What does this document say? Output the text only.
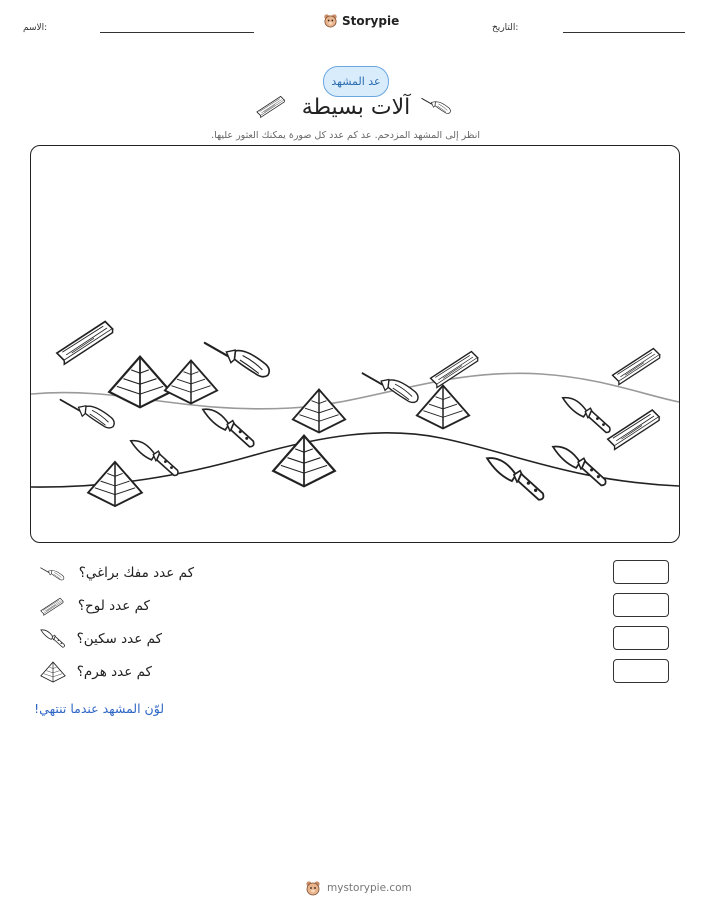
الاسم:
Storypie
التاريخ:
عد المشهد
آلات بسيطة
انظر إلى المشهد المزدحم. عد كم عدد كل صورة يمكنك العثور عليها.
كم عدد مفك براغي؟
كم عدد لوح؟
كم عدد سكين؟
كم عدد هرم؟
لوّن المشهد عندما تنتهي!
mystorypie.com
